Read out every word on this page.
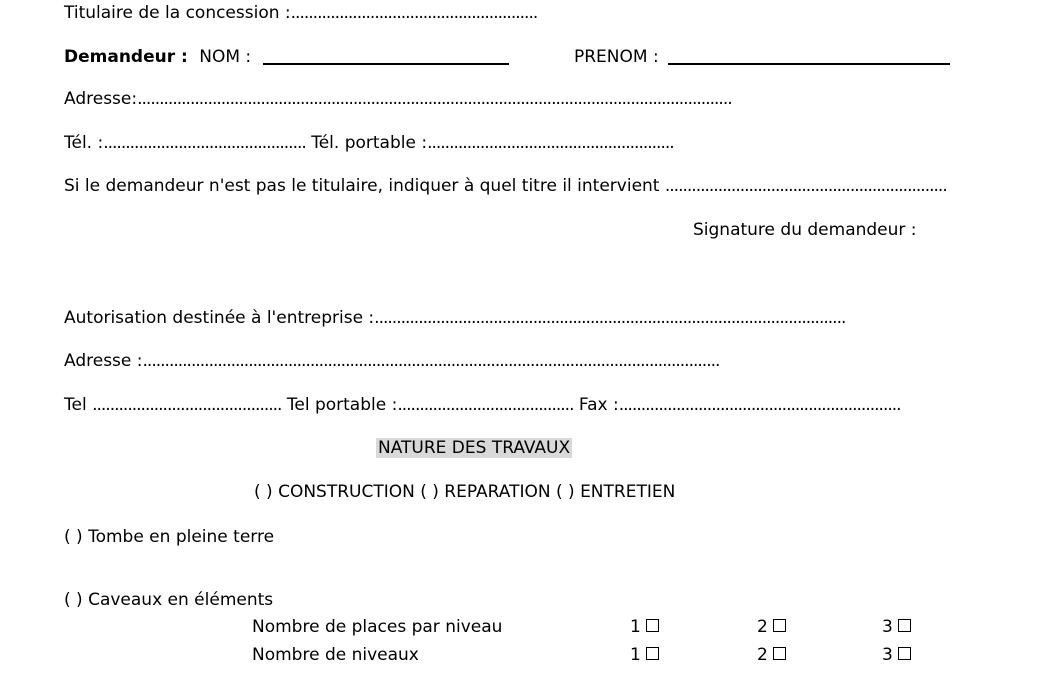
Titulaire de la concession :........................................................
Demandeur : NOM :	PRENOM :
Adresse:.......................................................................................................................................
Tél. :.............................................. Tél. portable :........................................................
Si le demandeur n'est pas le titulaire, indiquer à quel titre il intervient ................................................................
Signature du demandeur :
Autorisation destinée à l'entreprise :...........................................................................................................
Adresse :...................................................................................................................................
Tel ........................................... Tel portable :........................................ Fax :................................................................
NATURE DES TRAVAUX
( ) CONSTRUCTION ( ) REPARATION ( ) ENTRETIEN
( ) Tombe en pleine terre
( ) Caveaux en éléments
Nombre de places par niveau	1	2	3
Nombre de niveaux	1	2	3
